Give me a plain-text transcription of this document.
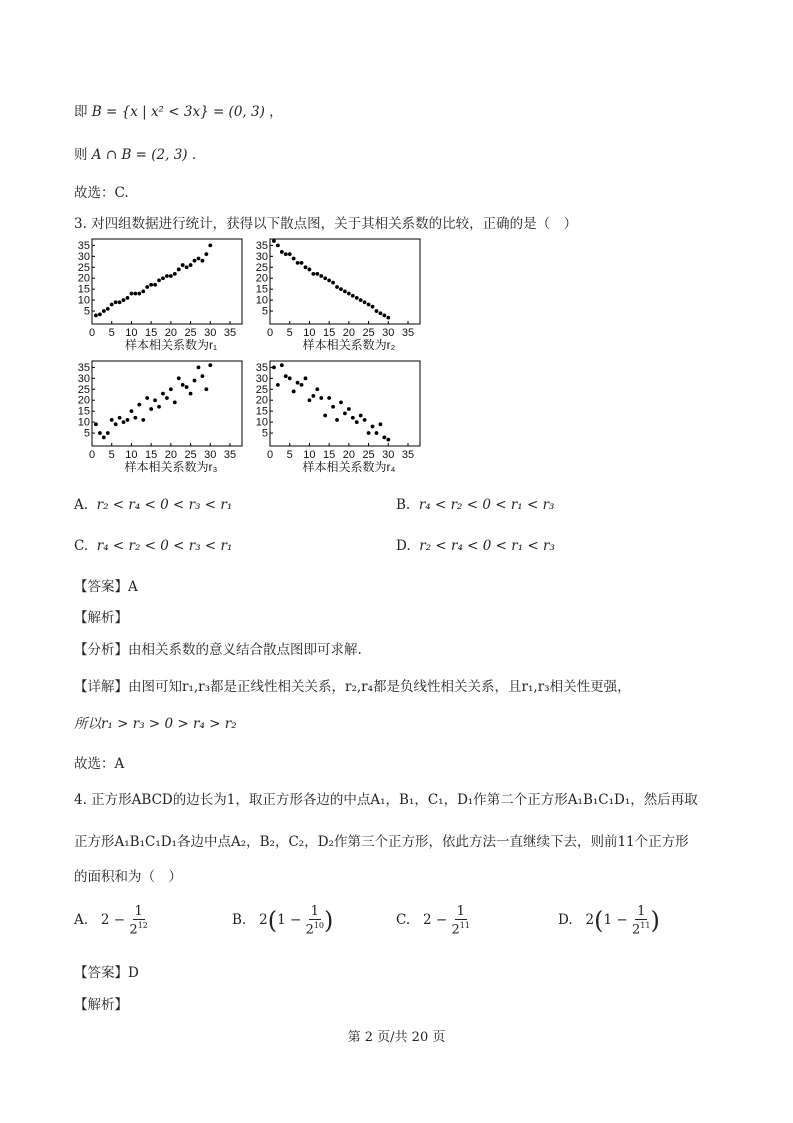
即 B = {x | x² < 3x} = (0, 3) ，
则 A ∩ B = (2, 3) .
故选：C.
3. 对四组数据进行统计，获得以下散点图，关于其相关系数的比较，正确的是（　）
5
10
15
20
25
30
35
0 5 10 15 20 25 30 35
样本相关系数为r₁
5
10
15
20
25
30
35
0 5 10 15 20 25 30 35
样本相关系数为r₂
5
10
15
20
25
30
35
0 5 10 15 20 25 30 35
样本相关系数为r₃
5
10
15
20
25
30
35
0 5 10 15 20 25 30 35
样本相关系数为r₄
A. r₂ < r₄ < 0 < r₃ < r₁	B. r₄ < r₂ < 0 < r₁ < r₃
C. r₄ < r₂ < 0 < r₃ < r₁	D. r₂ < r₄ < 0 < r₁ < r₃
【答案】A
【解析】
【分析】由相关系数的意义结合散点图即可求解.
【详解】由图可知r₁,r₃都是正线性相关关系，r₂,r₄都是负线性相关关系，且r₁,r₃相关性更强，
所以r₁ > r₃ > 0 > r₄ > r₂
故选：A
4. 正方形ABCD的边长为1，取正方形各边的中点A₁，B₁，C₁，D₁作第二个正方形A₁B₁C₁D₁，然后再取
正方形A₁B₁C₁D₁各边中点A₂，B₂，C₂，D₂作第三个正方形，依此方法一直继续下去，则前11个正方形
的面积和为（　）
A. $2 - \frac{1}{2^{12}}$	B. $2(1 - \frac{1}{2^{10}}$ )	C. $2 - \frac{1}{2^{11}}$	D. $2(1 - \frac{1}{2^{11}}$ )
【答案】D
【解析】
第 2 页/共 20 页
